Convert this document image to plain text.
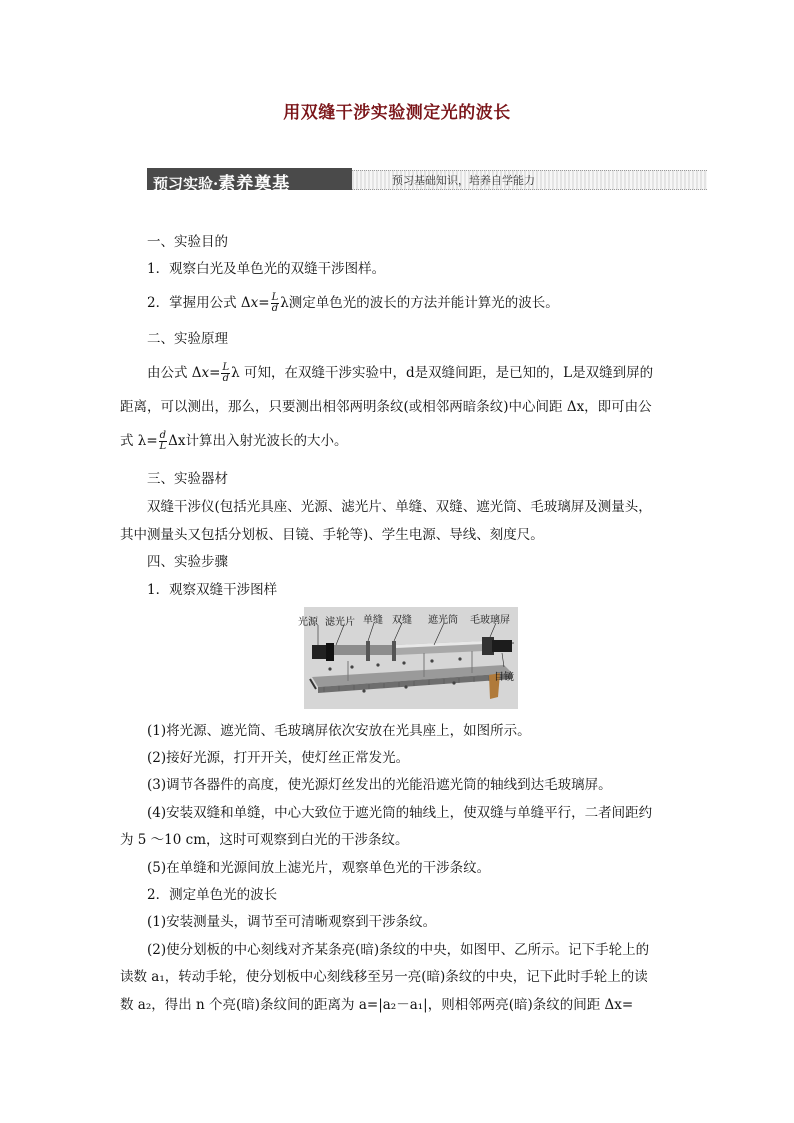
用双缝干涉实验测定光的波长
预习实验·素养奠基	预习基础知识，培养自学能力
一、实验目的
1．观察白光及单色光的双缝干涉图样。
2．掌握用公式 $\Delta x= \frac{L}{d}$ λ测定单色光的波长的方法并能计算光的波长。
二、实验原理
由公式 $\Delta x= \frac{L}{d}$ λ 可知，在双缝干涉实验中，d是双缝间距，是已知的，L是双缝到屏的
距离，可以测出，那么，只要测出相邻两明条纹(或相邻两暗条纹)中心间距 Δx，即可由公
式 $\lambda= \frac{d}{L}$ Δx计算出入射光波长的大小。
三、实验器材
双缝干涉仪(包括光具座、光源、滤光片、单缝、双缝、遮光筒、毛玻璃屏及测量头，
其中测量头又包括分划板、目镜、手轮等)、学生电源、导线、刻度尺。
四、实验步骤
1．观察双缝干涉图样
光源 滤光片 单缝 双缝 遮光筒 毛玻璃屏
目镜
(1)将光源、遮光筒、毛玻璃屏依次安放在光具座上，如图所示。
(2)接好光源，打开开关，使灯丝正常发光。
(3)调节各器件的高度，使光源灯丝发出的光能沿遮光筒的轴线到达毛玻璃屏。
(4)安装双缝和单缝，中心大致位于遮光筒的轴线上，使双缝与单缝平行，二者间距约
为 5 ～10 cm，这时可观察到白光的干涉条纹。
(5)在单缝和光源间放上滤光片，观察单色光的干涉条纹。
2．测定单色光的波长
(1)安装测量头，调节至可清晰观察到干涉条纹。
(2)使分划板的中心刻线对齐某条亮(暗)条纹的中央，如图甲、乙所示。记下手轮上的
读数 a₁，转动手轮，使分划板中心刻线移至另一亮(暗)条纹的中央，记下此时手轮上的读
数 a₂，得出 n 个亮(暗)条纹间的距离为 a=|a₂－a₁|，则相邻两亮(暗)条纹的间距 Δx=
